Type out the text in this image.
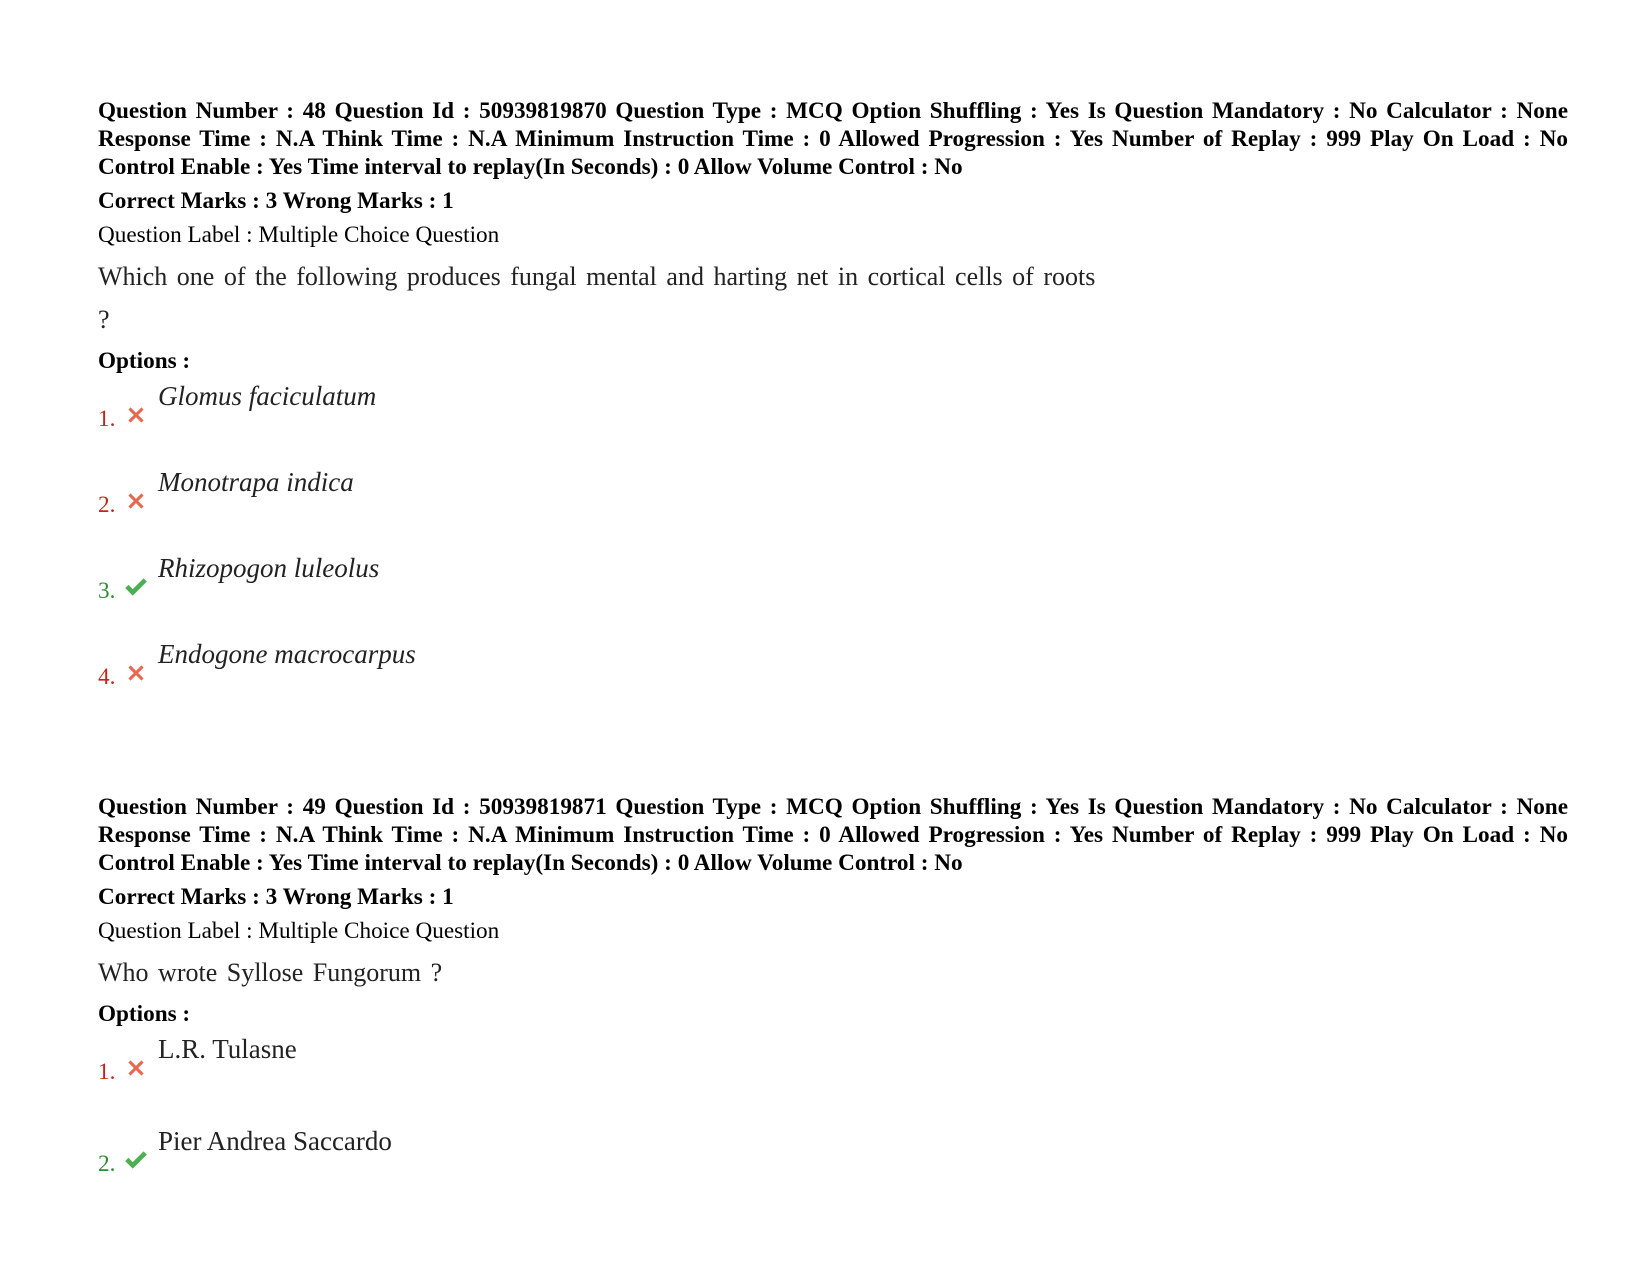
Question Number : 48 Question Id : 50939819870 Question Type : MCQ Option Shuffling : Yes Is Question Mandatory : No Calculator : None Response Time : N.A Think Time : N.A Minimum Instruction Time : 0 Allowed Progression : Yes Number of Replay : 999 Play On Load : No Control Enable : Yes Time interval to replay(In Seconds) : 0 Allow Volume Control : No

Correct Marks : 3 Wrong Marks : 1
Question Label : Multiple Choice Question
Which one of the following produces fungal mental and harting net in cortical cells of roots ?
Options :
1.
Glomus faciculatum
2.
Monotrapa indica
3.
Rhizopogon luleolus
4.
Endogone macrocarpus

Question Number : 49 Question Id : 50939819871 Question Type : MCQ Option Shuffling : Yes Is Question Mandatory : No Calculator : None Response Time : N.A Think Time : N.A Minimum Instruction Time : 0 Allowed Progression : Yes Number of Replay : 999 Play On Load : No Control Enable : Yes Time interval to replay(In Seconds) : 0 Allow Volume Control : No

Correct Marks : 3 Wrong Marks : 1
Question Label : Multiple Choice Question
Who wrote Syllose Fungorum ?
Options :
1.
L.R. Tulasne
2.
Pier Andrea Saccardo
